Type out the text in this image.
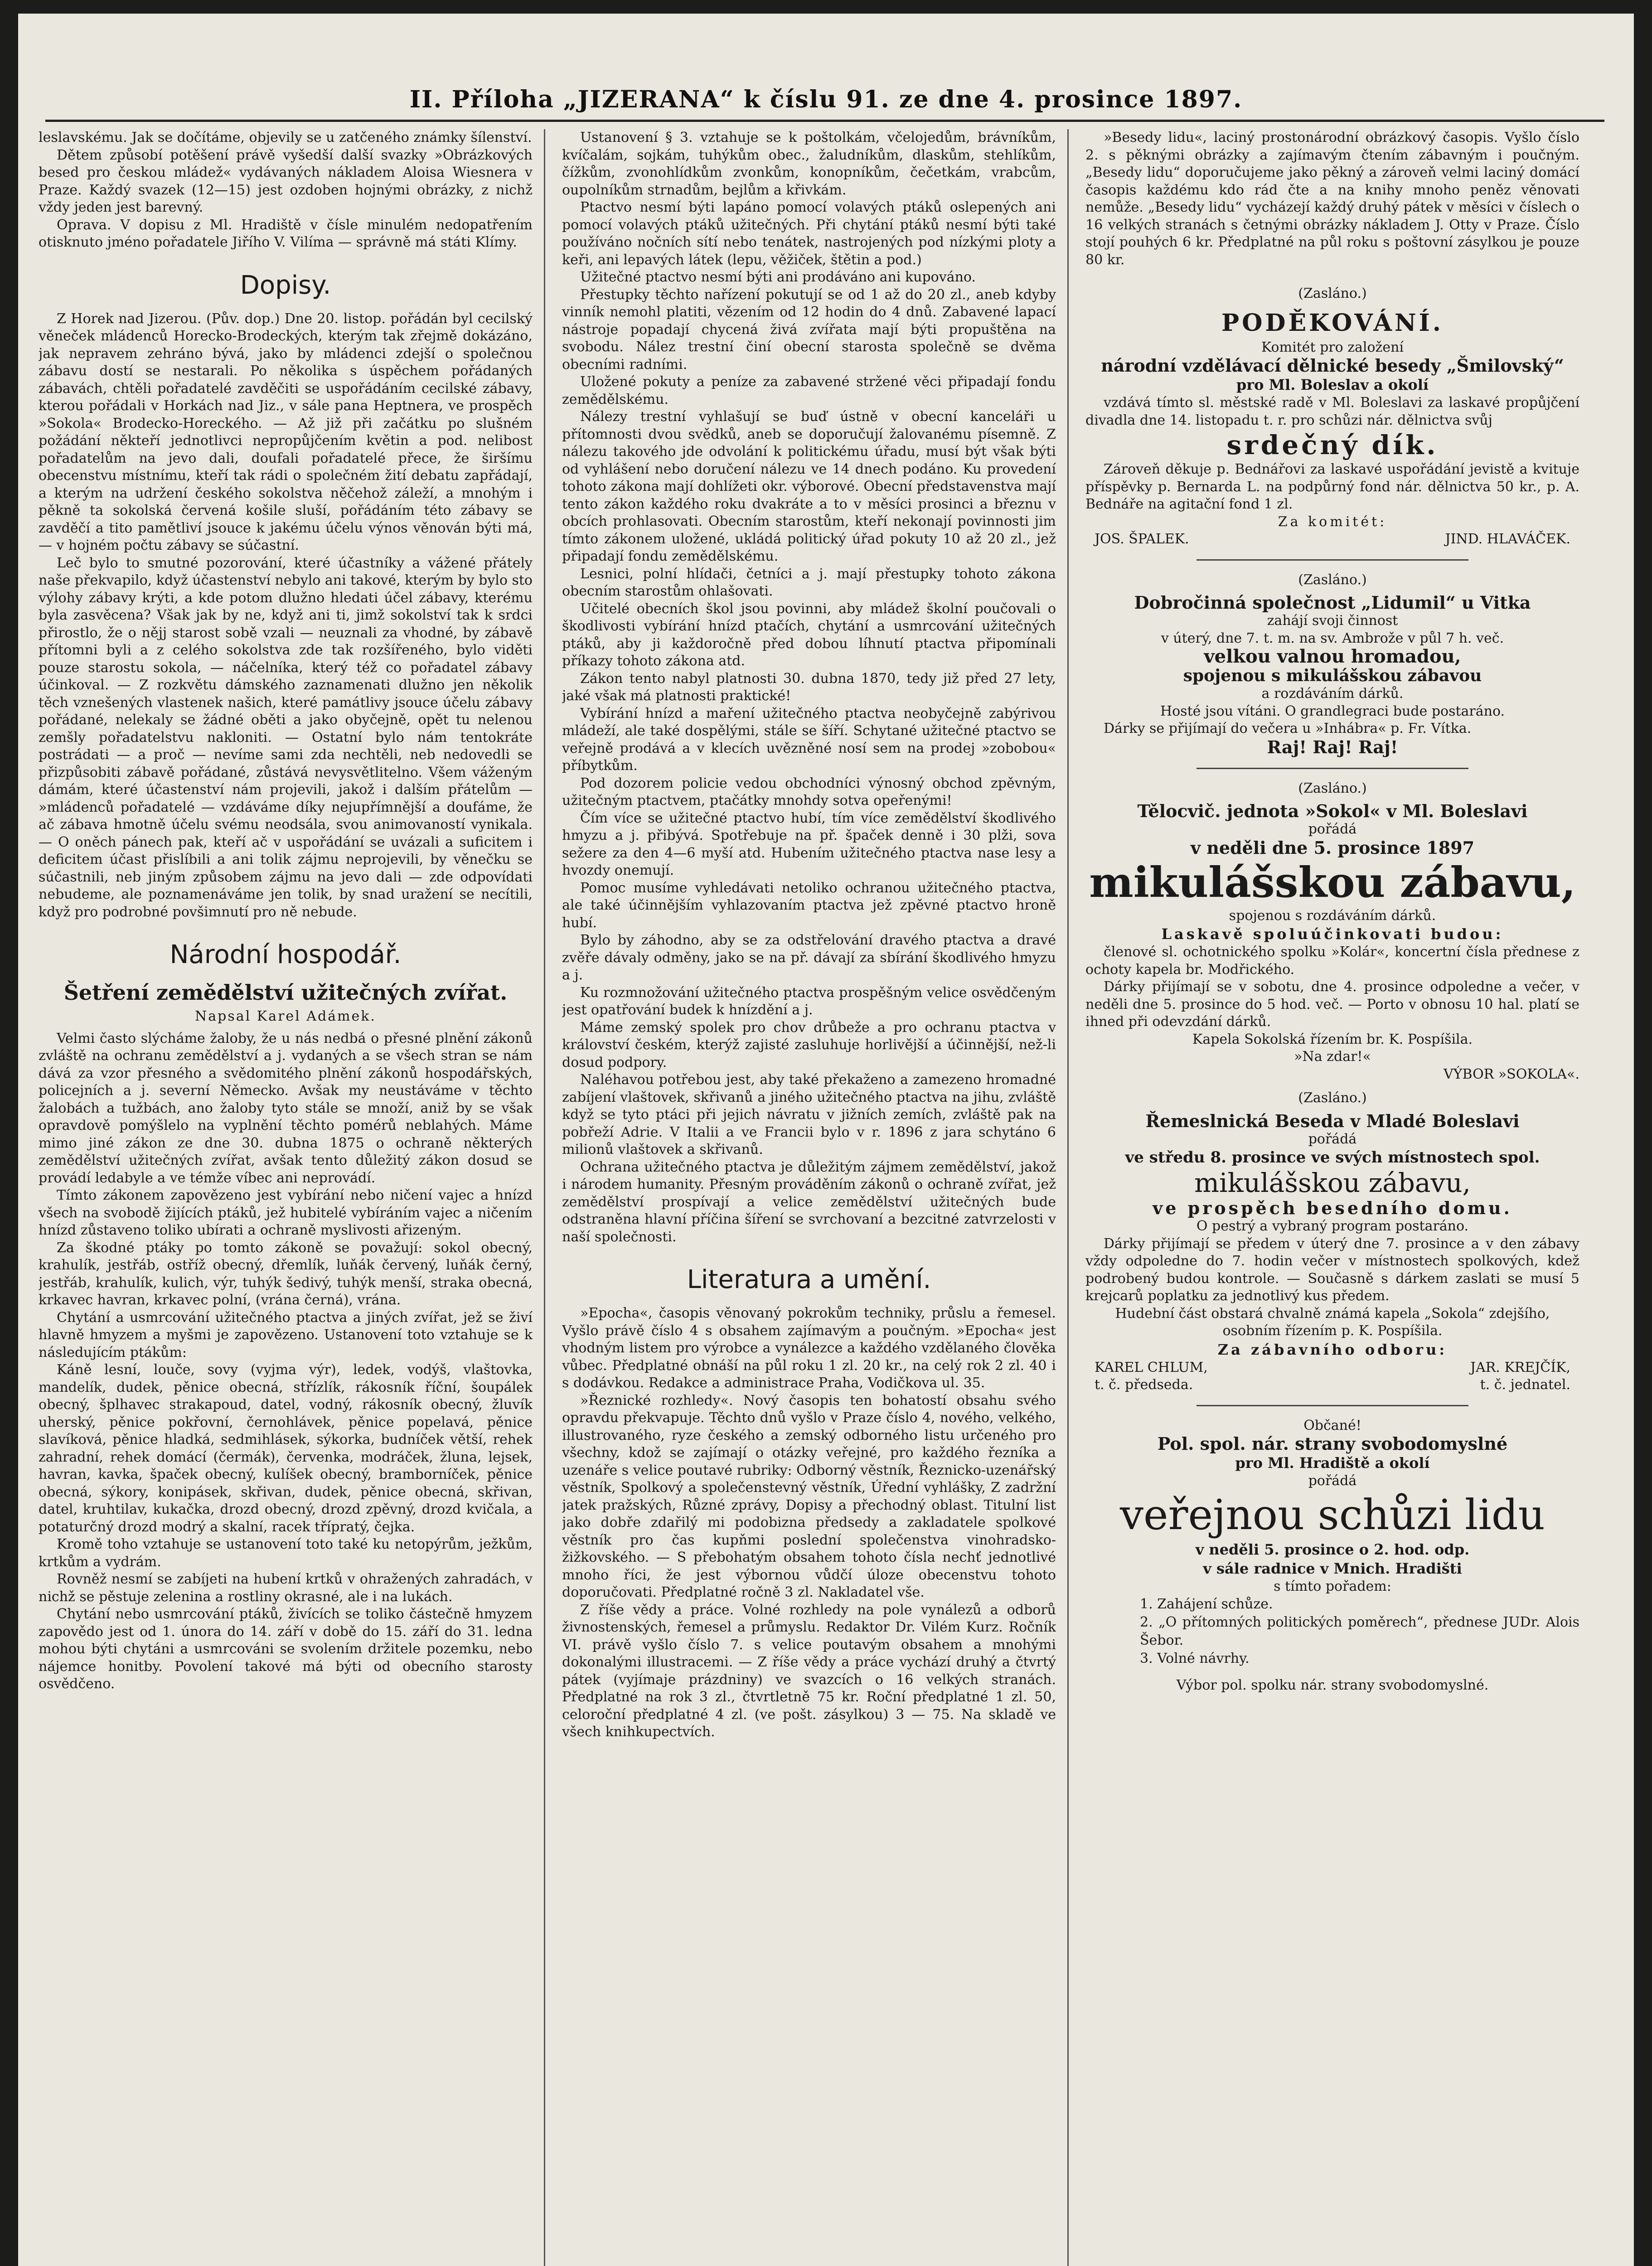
II. Příloha „JIZERANA“ k číslu 91. ze dne 4. prosince 1897.

leslavskému. Jak se dočítáme, objevily se u zatčeného známky šílenství.

Dětem způsobí potěšení právě vyšedší další svazky »Obrázkových besed pro českou mládež« vydávaných nákladem Aloisa Wiesnera v Praze. Každý svazek (12—15) jest ozdoben hojnými obrázky, z nichž vždy jeden jest barevný.

Oprava. V dopisu z Ml. Hradiště v čísle minulém nedopatřením otisknuto jméno pořadatele Jiřího V. Vilíma — správně má státi Klímy.

Dopisy.

Z Horek nad Jizerou. (Pův. dop.) Dne 20. listop. pořádán byl cecilský věneček mládenců Horecko-Brodeckých, kterým tak zřejmě dokázáno, jak nepravem zehráno bývá, jako by mládenci zdejší o společnou zábavu dostí se nestarali. Po několika s úspěchem pořádaných zábavách, chtěli pořadatelé zavděčiti se uspořádáním cecilské zábavy, kterou pořádali v Horkách nad Jiz., v sále pana Heptnera, ve prospěch »Sokola« Brodecko-Horeckého. — Až již při začátku po slušném požádání někteří jednotlivci nepropůjčením květin a pod. nelibost pořadatelům na jevo dali, doufali pořadatelé přece, že širšímu obecenstvu místnímu, kteří tak rádi o společném žití debatu zapřádají, a kterým na udržení českého sokolstva něčehož záleží, a mnohým i pěkně ta sokolská červená košile sluší, pořádáním této zábavy se zavděčí a tito pamětliví jsouce k jakému účelu výnos věnován býti má, — v hojném počtu zábavy se súčastní.

Leč bylo to smutné pozorování, které účastníky a vážené přátely naše překvapilo, když účastenství nebylo ani takové, kterým by bylo sto výlohy zábavy krýti, a kde potom dlužno hledati účel zábavy, kterému byla zasvěcena? Však jak by ne, když ani ti, jimž sokolství tak k srdci přirostlo, že o nějj starost sobě vzali — neuznali za vhodné, by zábavě přítomni byli a z celého sokolstva zde tak rozšířeného, bylo viděti pouze starostu sokola, — náčelníka, který též co pořadatel zábavy účinkoval. — Z rozkvětu dámského zaznamenati dlužno jen několik těch vznešených vlastenek našich, které památlivy jsouce účelu zábavy pořádané, nelekaly se žádné oběti a jako obyčejně, opět tu nelenou zemšly pořadatelstvu nakloniti. — Ostatní bylo nám tentokráte postrádati — a proč — nevíme sami zda nechtěli, neb nedovedli se přizpůsobiti zábavě pořádané, zůstává nevysvětlitelno. Všem váženým dámám, které účastenství nám projevili, jakož i dalším přátelům — »mládenců pořadatelé — vzdáváme díky nejupřímnější a doufáme, že ač zábava hmotně účelu svému neodsála, svou animovaností vynikala. — O oněch pánech pak, kteří ač v uspořádání se uvázali a suficitem i deficitem účast přislíbili a ani tolik zájmu neprojevili, by věnečku se súčastnili, neb jiným způsobem zájmu na jevo dali — zde odpovídati nebudeme, ale poznamenáváme jen tolik, by snad uražení se necítili, když pro podrobné povšimnutí pro ně nebude.

Národní hospodář.
Šetření zemědělství užitečných zvířat.
Napsal Karel Adámek.

Velmi často slýcháme žaloby, že u nás nedbá o přesné plnění zákonů zvláště na ochranu zemědělství a j. vydaných a se všech stran se nám dává za vzor přesného a svědomitého plnění zákonů hospodářských, policejních a j. severní Německo. Avšak my neustáváme v těchto žalobách a tužbách, ano žaloby tyto stále se množí, aniž by se však opravdově pomýšlelo na vyplnění těchto pomérů neblahých. Máme mimo jiné zákon ze dne 30. dubna 1875 o ochraně některých zemědělství užitečných zvířat, avšak tento důležitý zákon dosud se provádí ledabyle a ve témže víbec ani neprovádí.

Tímto zákonem zapovězeno jest vybírání nebo ničení vajec a hnízd všech na svobodě žijících ptáků, jež hubitelé vybíráním vajec a ničením hnízd zůstaveno toliko ubírati a ochraně myslivosti ařizeným.

Za škodné ptáky po tomto zákoně se považují: sokol obecný, krahulík, jestřáb, ostříž obecný, dřemlík, luňák červený, luňák černý, jestřáb, krahulík, kulich, výr, tuhýk šedivý, tuhýk menší, straka obecná, krkavec havran, krkavec polní, (vrána černá), vrána.

Chytání a usmrcování užitečného ptactva a jiných zvířat, jež se živí hlavně hmyzem a myšmi je zapovězeno. Ustanovení toto vztahuje se k následujícím ptákům:

Káně lesní, louče, sovy (vyjma výr), ledek, vodýš, vlaštovka, mandelík, dudek, pěnice obecná, střízlík, rákosník říční, šoupálek obecný, šplhavec strakapoud, datel, vodný, rákosník obecný, žluvík uherský, pěnice pokřovní, černohlávek, pěnice popelavá, pěnice slavíková, pěnice hladká, sedmihlásek, sýkorka, budníček větší, rehek zahradní, rehek domácí (čermák), červenka, modráček, žluna, lejsek, havran, kavka, špaček obecný, kulíšek obecný, bramborníček, pěnice obecná, sýkory, konipásek, skřivan, dudek, pěnice obecná, skřivan, datel, kruhtilav, kukačka, drozd obecný, drozd zpěvný, drozd kvičala, a potaturčný drozd modrý a skalní, racek třípratý, čejka.

Kromě toho vztahuje se ustanovení toto také ku netopýrům, ježkům, krtkům a vydrám.

Rovněž nesmí se zabíjeti na hubení krtků v ohražených zahradách, v nichž se pěstuje zelenina a rostliny okrasné, ale i na lukách.

Chytání nebo usmrcování ptáků, živících se toliko částečně hmyzem zapovědo jest od 1. února do 14. září v době do 15. září do 31. ledna mohou býti chytáni a usmrcováni se svolením držitele pozemku, nebo nájemce honitby. Povolení takové má býti od obecního starosty osvědčeno.

Ustanovení § 3. vztahuje se k poštolkám, včelojedům, brávníkům, kvíčalám, sojkám, tuhýkům obec., žaludníkům, dlaskům, stehlíkům, čížkům, zvonohlídkům zvonkům, konopníkům, čečetkám, vrabcům, oupolníkům strnadům, bejlům a křivkám.

Ptactvo nesmí býti lapáno pomocí volavých ptáků oslepených ani pomocí volavých ptáků užitečných. Při chytání ptáků nesmí býti také používáno nočních sítí nebo tenátek, nastrojených pod nízkými ploty a keři, ani lepavých látek (lepu, věžiček, štětin a pod.)

Užitečné ptactvo nesmí býti ani prodáváno ani kupováno.

Přestupky těchto nařízení pokutují se od 1 až do 20 zl., aneb kdyby vinník nemohl platiti, vězením od 12 hodin do 4 dnů. Zabavené lapací nástroje popadají chycená živá zvířata mají býti propuštěna na svobodu. Nález trestní činí obecní starosta společně se dvěma obecními radními.

Uložené pokuty a peníze za zabavené stržené věci připadají fondu zemědělskému.

Nálezy trestní vyhlašují se buď ústně v obecní kanceláři u přítomnosti dvou svědků, aneb se doporučují žalovanému písemně. Z nálezu takového jde odvolání k politickému úřadu, musí být však býti od vyhlášení nebo doručení nálezu ve 14 dnech podáno. Ku provedení tohoto zákona mají dohlížeti okr. výborové. Obecní představenstva mají tento zákon každého roku dvakráte a to v měsíci prosinci a březnu v obcích prohlasovati. Obecním starostům, kteří nekonají povinnosti jim tímto zákonem uložené, ukládá politický úřad pokuty 10 až 20 zl., jež připadají fondu zemědělskému.

Lesnici, polní hlídači, četníci a j. mají přestupky tohoto zákona obecním starostům ohlašovati.

Učitelé obecních škol jsou povinni, aby mládež školní poučovali o škodlivosti vybírání hnízd ptačích, chytání a usmrcování užitečných ptáků, aby ji každoročně před dobou líhnutí ptactva připomínali příkazy tohoto zákona atd.

Zákon tento nabyl platnosti 30. dubna 1870, tedy již před 27 lety, jaké však má platnosti praktické!

Vybírání hnízd a maření užitečného ptactva neobyčejně zabýrivou mládeží, ale také dospělými, stále se šíří. Schytané užitečné ptactvo se veřejně prodává a v klecích uvězněné nosí sem na prodej »zobobou« příbytkům.

Pod dozorem policie vedou obchodníci výnosný obchod zpěvným, užitečným ptactvem, ptačátky mnohdy sotva opeřenými!

Čím více se užitečné ptactvo hubí, tím více zemědělství škodlivého hmyzu a j. přibývá. Spotřebuje na př. špaček denně i 30 plži, sova sežere za den 4—6 myší atd. Hubením užitečného ptactva nase lesy a hvozdy onemují.

Pomoc musíme vyhledávati netoliko ochranou užitečného ptactva, ale také účinnějším vyhlazovaním ptactva jež zpěvné ptactvo hroně hubí.

Bylo by záhodno, aby se za odstřelování dravého ptactva a dravé zvěře dávaly odměny, jako se na př. dávají za sbírání škodlivého hmyzu a j.

Ku rozmnožování užitečného ptactva prospěšným velice osvědčeným jest opatřování budek k hnízdění a j.

Máme zemský spolek pro chov drůbeže a pro ochranu ptactva v království českém, kterýž zajisté zasluhuje horlivější a účinnější, než-li dosud podpory.

Naléhavou potřebou jest, aby také překaženo a zamezeno hromadné zabíjení vlaštovek, skřivanů a jiného užitečného ptactva na jihu, zvláště když se tyto ptáci při jejich návratu v jižních zemích, zvláště pak na pobřeží Adrie. V Italii a ve Francii bylo v r. 1896 z jara schytáno 6 milionů vlaštovek a skřivanů.

Ochrana užitečného ptactva je důležitým zájmem zemědělství, jakož i národem humanity. Přesným prováděním zákonů o ochraně zvířat, jež zemědělství prospívají a velice zemědělství užitečných bude odstraněna hlavní příčina šíření se svrchovaní a bezcitné zatvrzelosti v naší společnosti.

Literatura a umění.

»Epocha«, časopis věnovaný pokrokům techniky, průslu a řemesel. Vyšlo právě číslo 4 s obsahem zajímavým a poučným. »Epocha« jest vhodným listem pro výrobce a vynálezce a každého vzdělaného člověka vůbec. Předplatné obnáší na půl roku 1 zl. 20 kr., na celý rok 2 zl. 40 i s dodávkou. Redakce a administrace Praha, Vodičkova ul. 35.

»Řeznické rozhledy«. Nový časopis ten bohatostí obsahu svého opravdu překvapuje. Těchto dnů vyšlo v Praze číslo 4, nového, velkého, illustrovaného, ryze českého a zemský odborného listu určeného pro všechny, kdož se zajímají o otázky veřejné, pro každého řezníka a uzenáře s velice poutavé rubriky: Odborný věstník, Řeznicko-uzenářský věstník, Spolkový a společenstevný věstník, Úřední vyhlášky, Z zadržní jatek pražských, Různé zprávy, Dopisy a přechodný oblast. Titulní list jako dobře zdařilý mi podobizna předsedy a zakladatele spolkové věstník pro čas kupňmi poslední společenstva vinohradsko-žižkovského. — S přebohatým obsahem tohoto čísla nechť jednotlivé mnoho říci, že jest výbornou vůdčí úloze obecenstvu tohoto doporučovati. Předplatné ročně 3 zl. Nakladatel vše.

Z říše vědy a práce. Volné rozhledy na pole vynálezů a odborů živnostenských, řemesel a průmyslu. Redaktor Dr. Vilém Kurz. Ročník VI. právě vyšlo číslo 7. s velice poutavým obsahem a mnohými dokonalými illustracemi. — Z říše vědy a práce vychází druhý a čtvrtý pátek (vyjímaje prázdniny) ve svazcích o 16 velkých stranách. Předplatné na rok 3 zl., čtvrtletně 75 kr. Roční předplatné 1 zl. 50, celoroční předplatné 4 zl. (ve pošt. zásylkou) 3 — 75. Na skladě ve všech knihkupectvích.

»Besedy lidu«, laciný prostonárodní obrázkový časopis. Vyšlo číslo 2. s pěknými obrázky a zajímavým čtením zábavným i poučným. „Besedy lidu“ doporučujeme jako pěkný a zároveň velmi laciný domácí časopis každému kdo rád čte a na knihy mnoho peněz věnovati nemůže. „Besedy lidu“ vycházejí každý druhý pátek v měsíci v číslech o 16 velkých stranách s četnými obrázky nákladem J. Otty v Praze. Číslo stojí pouhých 6 kr. Předplatné na půl roku s poštovní zásylkou je pouze 80 kr.

(Zasláno.)
PODĚKOVÁNÍ.

Komitét pro založení

národní vzdělávací dělnické besedy „Šmilovský“
pro Ml. Boleslav a okolí

vzdává tímto sl. městské radě v Ml. Boleslavi za laskavé propůjčení divadla dne 14. listopadu t. r. pro schůzi nár. dělnictva svůj

srdečný dík.

Zároveň děkuje p. Bednářovi za laskavé uspořádání jevistě a kvituje příspěvky p. Bernarda L. na podpůrný fond nár. dělnictva 50 kr., p. A. Bednáře na agitační fond 1 zl.

Za komitét:

JOS. ŠPALEK.	JIND. HLAVÁČEK.
(Zasláno.)
Dobročinná společnost „Lidumil“ u Vitka

zahájí svoji činnost

v úterý, dne 7. t. m. na sv. Ambrože v půl 7 h. več.

velkou valnou hromadou,
spojenou s mikulášskou zábavou

a rozdáváním dárků.

Hosté jsou vítáni. O grandlegraci bude postaráno.

Dárky se přijímají do večera u »Inhábra« p. Fr. Vítka.

Raj! Raj! Raj!
(Zasláno.)
Tělocvič. jednota »Sokol« v Ml. Boleslavi

pořádá

v neděli dne 5. prosince 1897
mikulášskou zábavu,

spojenou s rozdáváním dárků.

Laskavě spoluúčinkovati budou:

členové sl. ochotnického spolku »Kolár«, koncertní čísla přednese z ochoty kapela br. Modřického.

Dárky přijímají se v sobotu, dne 4. prosince odpoledne a večer, v neděli dne 5. prosince do 5 hod. več. — Porto v obnosu 10 hal. platí se ihned při odevzdání dárků.

Kapela Sokolská řízením br. K. Pospíšila.

»Na zdar!«

VÝBOR »SOKOLA«.

(Zasláno.)
Řemeslnická Beseda v Mladé Boleslavi

pořádá

ve středu 8. prosince ve svých místnostech spol.
mikulášskou zábavu,
ve prospěch besedního domu.

O pestrý a vybraný program postaráno.

Dárky přijímají se předem v úterý dne 7. prosince a v den zábavy vždy odpoledne do 7. hodin večer v místnostech spolkových, kdež podrobený budou kontrole. — Současně s dárkem zaslati se musí 5 krejcarů poplatku za jednotlivý kus předem.

Hudební část obstará chvalně známá kapela „Sokola“ zdejšího, osobním řízením p. K. Pospíšila.

Za zábavního odboru:
KAREL CHLUM,	JAR. KREJČÍK,
t. č. předseda.	t. č. jednatel.

Občané!

Pol. spol. nár. strany svobodomyslné
pro Ml. Hradiště a okolí

pořádá

veřejnou schůzi lidu
v neděli 5. prosince o 2. hod. odp.
v sále radnice v Mnich. Hradišti

s tímto pořadem:

1. Zahájení schůze.
2. „O přítomných politických poměrech“, přednese JUDr. Alois Šebor.
3. Volné návrhy.

Výbor pol. spolku nár. strany svobodomyslné.
